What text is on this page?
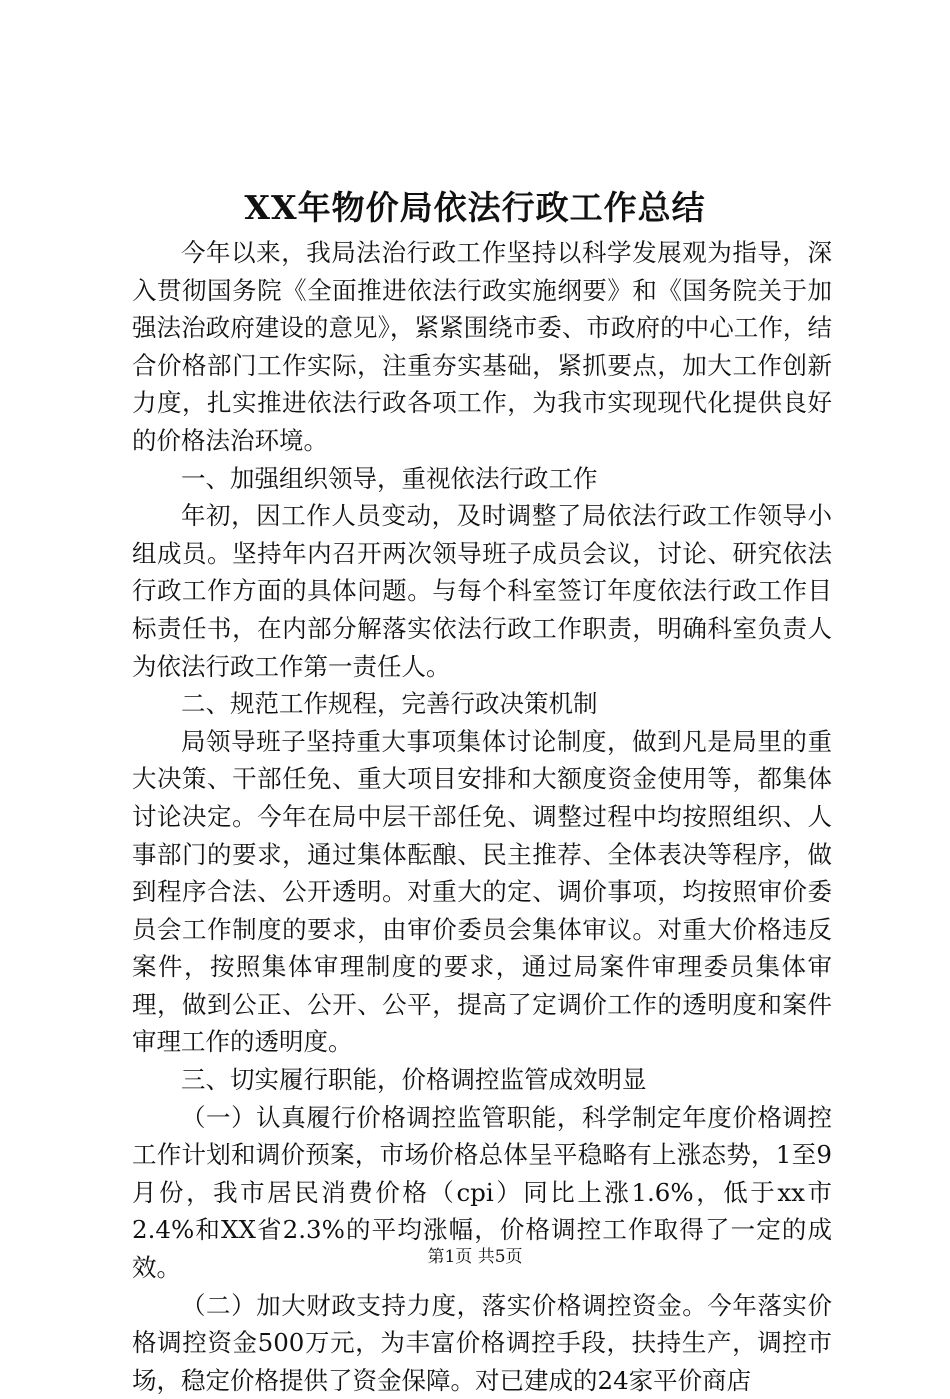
XX年物价局依法行政工作总结

今年以来，我局法治行政工作坚持以科学发展观为指导，深入贯彻国务院《全面推进依法行政实施纲要》和《国务院关于加强法治政府建设的意见》，紧紧围绕市委、市政府的中心工作，结合价格部门工作实际，注重夯实基础，紧抓要点，加大工作创新力度，扎实推进依法行政各项工作，为我市实现现代化提供良好的价格法治环境。

一、加强组织领导，重视依法行政工作

年初，因工作人员变动，及时调整了局依法行政工作领导小组成员。坚持年内召开两次领导班子成员会议，讨论、研究依法行政工作方面的具体问题。与每个科室签订年度依法行政工作目标责任书，在内部分解落实依法行政工作职责，明确科室负责人为依法行政工作第一责任人。

二、规范工作规程，完善行政决策机制

局领导班子坚持重大事项集体讨论制度，做到凡是局里的重大决策、干部任免、重大项目安排和大额度资金使用等，都集体讨论决定。今年在局中层干部任免、调整过程中均按照组织、人事部门的要求，通过集体酝酿、民主推荐、全体表决等程序，做到程序合法、公开透明。对重大的定、调价事项，均按照审价委员会工作制度的要求，由审价委员会集体审议。对重大价格违反案件，按照集体审理制度的要求，通过局案件审理委员集体审理，做到公正、公开、公平，提高了定调价工作的透明度和案件审理工作的透明度。

三、切实履行职能，价格调控监管成效明显

（一）认真履行价格调控监管职能，科学制定年度价格调控工作计划和调价预案，市场价格总体呈平稳略有上涨态势，1至9月份，我市居民消费价格（cpi）同比上涨1.6%，低于xx市2.4%和XX省2.3%的平均涨幅，价格调控工作取得了一定的成效。

（二）加大财政支持力度，落实价格调控资金。今年落实价格调控资金500万元，为丰富价格调控手段，扶持生产，调控市场，稳定价格提供了资金保障。对已建成的24家平价商店

第1页 共5页
